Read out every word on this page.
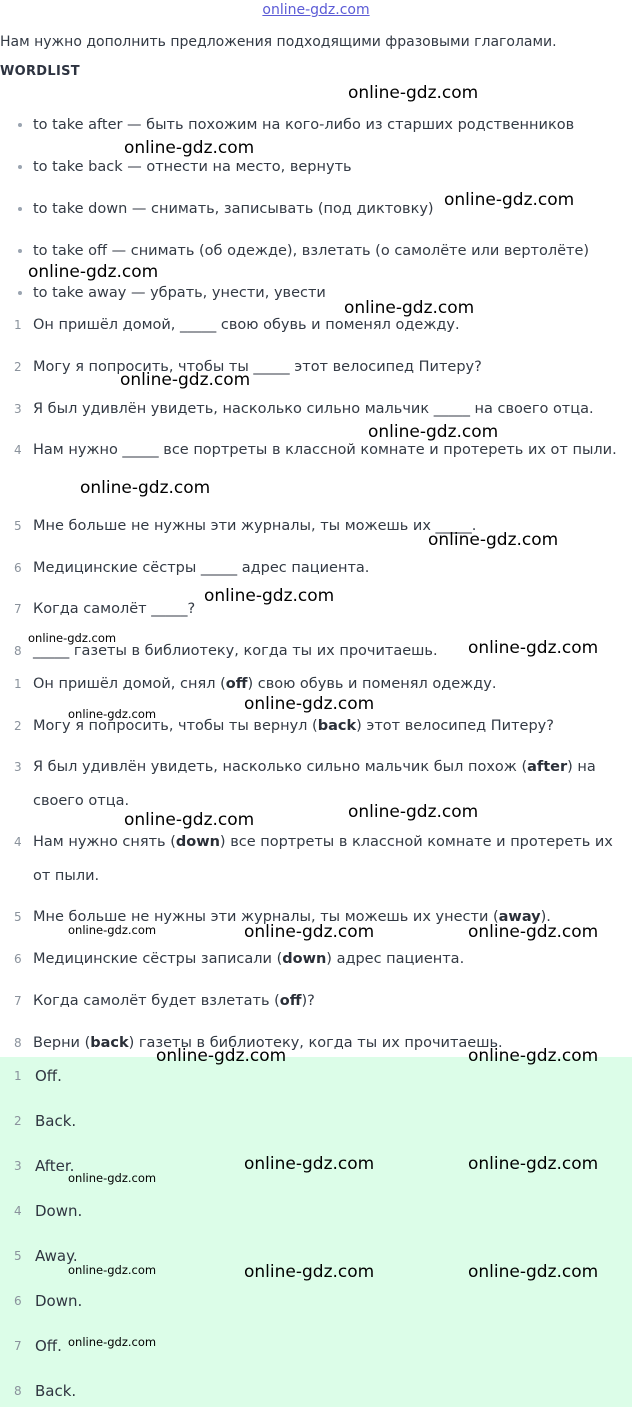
online-gdz.com
Нам нужно дополнить предложения подходящими фразовыми глаголами.
WORDLIST
to take after — быть похожим на кого-либо из старших родственников
to take back — отнести на место, вернуть
to take down — снимать, записывать (под диктовку)
to take off — снимать (об одежде), взлетать (о самолёте или вертолёте)
to take away — убрать, унести, увести
1 Он пришёл домой, _____ свою обувь и поменял одежду.
2 Могу я попросить, чтобы ты _____ этот велосипед Питеру?
3 Я был удивлён увидеть, насколько сильно мальчик _____ на своего отца.
4 Нам нужно _____ все портреты в классной комнате и протереть их от пыли.
5 Мне больше не нужны эти журналы, ты можешь их _____.
6 Медицинские сёстры _____ адрес пациента.
7 Когда самолёт _____?
8 _____ газеты в библиотеку, когда ты их прочитаешь.
1 Он пришёл домой, снял (off) свою обувь и поменял одежду.
2 Могу я попросить, чтобы ты вернул (back) этот велосипед Питеру?
3 Я был удивлён увидеть, насколько сильно мальчик был похож (after) на своего отца.
4 Нам нужно снять (down) все портреты в классной комнате и протереть их от пыли.
5 Мне больше не нужны эти журналы, ты можешь их унести (away).
6 Медицинские сёстры записали (down) адрес пациента.
7 Когда самолёт будет взлетать (off)?
8 Верни (back) газеты в библиотеку, когда ты их прочитаешь.
1 Off.
2 Back.
3 After.
4 Down.
5 Away.
6 Down.
7 Off.
8 Back.
online-gdz.com
online-gdz.com
online-gdz.com
online-gdz.com
online-gdz.com
online-gdz.com
online-gdz.com
online-gdz.com
online-gdz.com
online-gdz.com
online-gdz.com	online-gdz.com
online-gdz.com
online-gdz.com
online-gdz.com
online-gdz.com
online-gdz.com	online-gdz.com	online-gdz.com
online-gdz.com	online-gdz.com
online-gdz.com	online-gdz.com
online-gdz.com
online-gdz.com	online-gdz.com
online-gdz.com
online-gdz.com
